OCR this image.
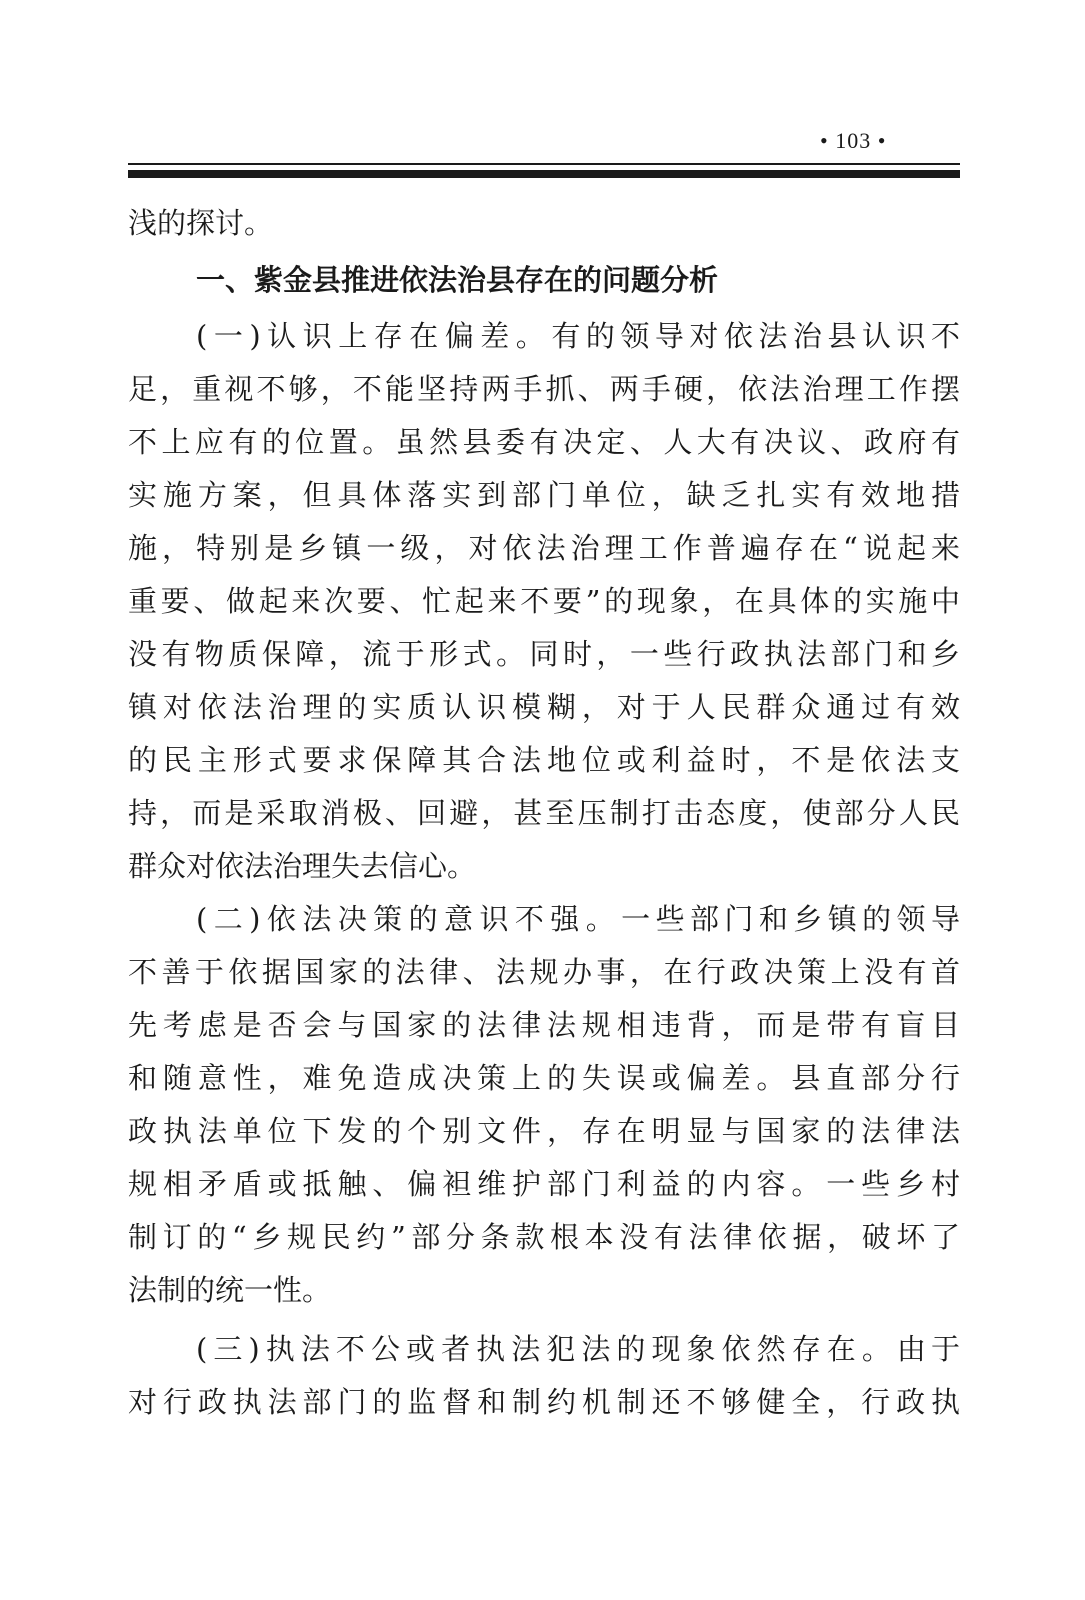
• 103 •
浅的探讨。
一、紫金县推进依法治县存在的问题分析
(一)认识上存在偏差。有的领导对依法治县认识不
足，重视不够，不能坚持两手抓、两手硬，依法治理工作摆
不上应有的位置。虽然县委有决定、人大有决议、政府有
实施方案，但具体落实到部门单位，缺乏扎实有效地措
施，特别是乡镇一级，对依法治理工作普遍存在“说起来
重要、做起来次要、忙起来不要”的现象，在具体的实施中
没有物质保障，流于形式。同时，一些行政执法部门和乡
镇对依法治理的实质认识模糊，对于人民群众通过有效
的民主形式要求保障其合法地位或利益时，不是依法支
持，而是采取消极、回避，甚至压制打击态度，使部分人民
群众对依法治理失去信心。
(二)依法决策的意识不强。一些部门和乡镇的领导
不善于依据国家的法律、法规办事，在行政决策上没有首
先考虑是否会与国家的法律法规相违背，而是带有盲目
和随意性，难免造成决策上的失误或偏差。县直部分行
政执法单位下发的个别文件，存在明显与国家的法律法
规相矛盾或抵触、偏袒维护部门利益的内容。一些乡村
制订的“乡规民约”部分条款根本没有法律依据，破坏了
法制的统一性。
(三)执法不公或者执法犯法的现象依然存在。由于
对行政执法部门的监督和制约机制还不够健全，行政执
